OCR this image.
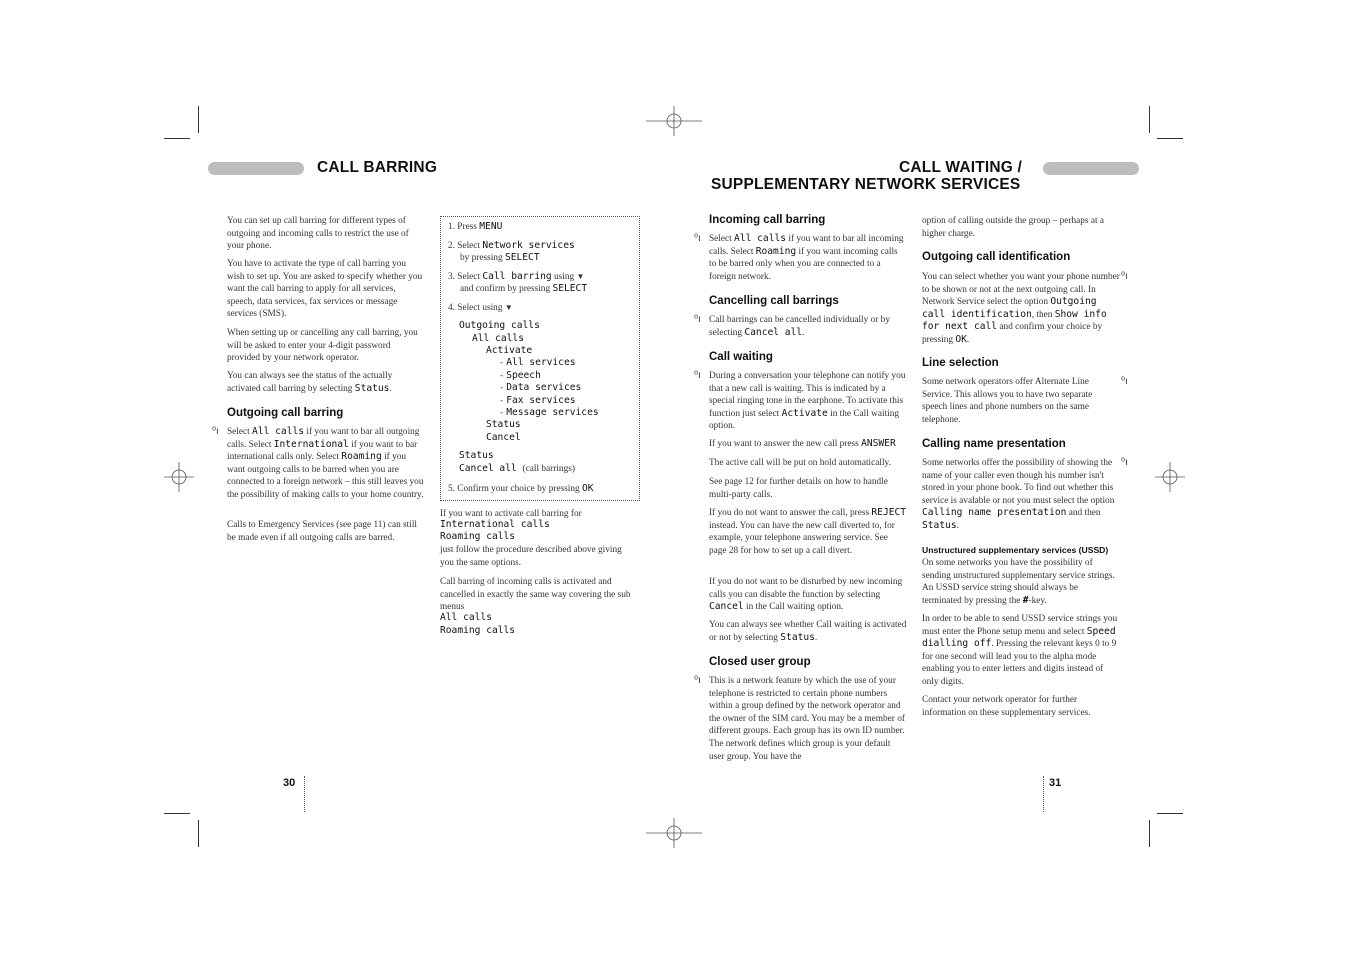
CALL BARRING	CALL WAITING /
SUPPLEMENTARY NETWORK SERVICES
You can set up call barring for different types of outgoing and incoming calls to restrict the use of your phone.
You have to activate the type of call barring you wish to set up. You are asked to specify whether you want the call barring to apply for all services, speech, data services, fax services or message services (SMS).
When setting up or cancelling any call barring, you will be asked to enter your 4-digit password provided by your network operator.
You can always see the status of the actually activated call barring by selecting Status.
Outgoing call barring
⁰ı Select All calls if you want to bar all outgoing calls. Select International if you want to bar international calls only. Select Roaming if you want outgoing calls to be barred when you are connected to a foreign network – this still leaves you the possibility of making calls to your home country.
Calls to Emergency Services (see page 11) can still be made even if all outgoing calls are barred.
1. Press MENU
2. Select Network services
by pressing SELECT
3. Select Call barring using ▼
and confirm by pressing SELECT
4. Select using ▼
Outgoing calls
All calls
Activate
- All services
- Speech
- Data services
- Fax services
- Message services
Status
Cancel
Status
Cancel all (call barrings)
5. Confirm your choice by pressing OK
If you want to activate call barring for
International calls
Roaming calls
just follow the procedure described above giving you the same options.
Call barring of incoming calls is activated and cancelled in exactly the same way covering the sub menus
All calls
Roaming calls
Incoming call barring
⁰ı Select All calls if you want to bar all incoming calls. Select Roaming if you want incoming calls to be barred only when you are connected to a foreign network.
Cancelling call barrings
⁰ı Call barrings can be cancelled individually or by selecting Cancel all.
Call waiting
⁰ı During a conversation your telephone can notify you that a new call is waiting. This is indicated by a special ringing tone in the earphone. To activate this function just select Activate in the Call waiting option.
If you want to answer the new call press ANSWER
The active call will be put on hold automatically.
See page 12 for further details on how to handle multi-party calls.
If you do not want to answer the call, press REJECT instead. You can have the new call diverted to, for example, your telephone answering service. See page 28 for how to set up a call divert.
If you do not want to be disturbed by new incoming calls you can disable the function by selecting Cancel in the Call waiting option.
You can always see whether Call waiting is activated or not by selecting Status.
Closed user group
⁰ı This is a network feature by which the use of your telephone is restricted to certain phone numbers within a group defined by the network operator and the owner of the SIM card. You may be a member of different groups. Each group has its own ID number. The network defines which group is your default user group. You have the
option of calling outside the group – perhaps at a higher charge.
Outgoing call identification
⁰ı
You can select whether you want your phone number to be shown or not at the next outgoing call. In Network Service select the option Outgoing call identification, then Show info for next call and confirm your choice by pressing OK.
Line selection
⁰ı
Some network operators offer Alternate Line Service. This allows you to have two separate speech lines and phone numbers on the same telephone.
Calling name presentation
⁰ı
Some networks offer the possibility of showing the name of your caller even though his number isn't stored in your phone book. To find out whether this service is avalable or not you must select the option Calling name presentation and then Status.
Unstructured supplementary services (USSD)
On some networks you have the possibility of sending unstructured supplementary service strings. An USSD service string should always be terminated by pressing the #-key.
In order to be able to send USSD service strings you must enter the Phone setup menu and select Speed dialling off. Pressing the relevant keys 0 to 9 for one second will lead you to the alpha mode enabling you to enter letters and digits instead of only digits.
Contact your network operator for further information on these supplementary services.
30	31
